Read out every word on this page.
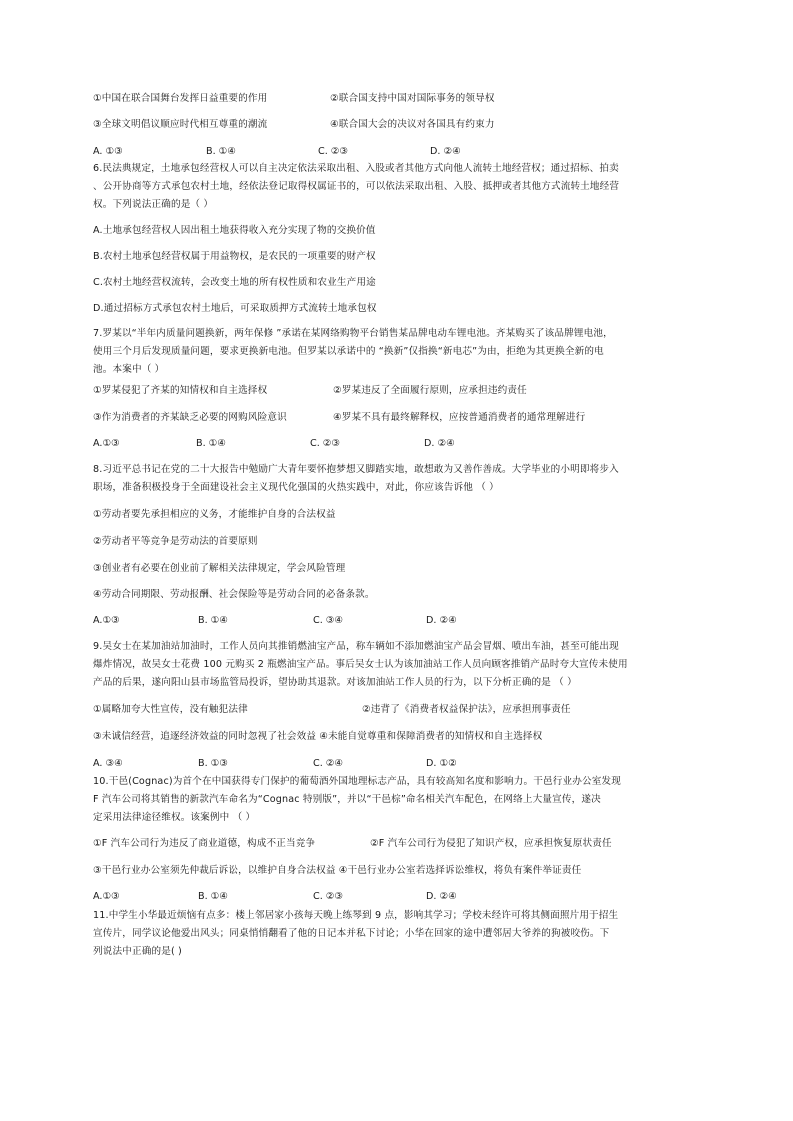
①中国在联合国舞台发挥日益重要的作用	②联合国支持中国对国际事务的领导权
③全球文明倡议顺应时代相互尊重的潮流	④联合国大会的决议对各国具有约束力
A. ①③	B. ①④	C. ②③	D. ②④
6.民法典规定，土地承包经营权人可以自主决定依法采取出租、入股或者其他方式向他人流转土地经营权；通过招标、拍卖
、公开协商等方式承包农村土地，经依法登记取得权属证书的，可以依法采取出租、入股、抵押或者其他方式流转土地经营
权。下列说法正确的是（ ）
A.土地承包经营权人因出租土地获得收入充分实现了物的交换价值
B.农村土地承包经营权属于用益物权，是农民的一项重要的财产权
C.农村土地经营权流转，会改变土地的所有权性质和农业生产用途
D.通过招标方式承包农村土地后，可采取质押方式流转土地承包权
7.罗某以“半年内质量问题换新，两年保修 ”承诺在某网络购物平台销售某品牌电动车锂电池。齐某购买了该品牌锂电池，
使用三个月后发现质量问题，要求更换新电池。但罗某以承诺中的 “换新”仅指换“新电芯”为由，拒绝为其更换全新的电
池。本案中（ ）
①罗某侵犯了齐某的知情权和自主选择权	②罗某违反了全面履行原则，应承担违约责任
③作为消费者的齐某缺乏必要的网购风险意识	④罗某不具有最终解释权，应按普通消费者的通常理解进行
A.①③	B. ①④	C. ②③	D. ②④
8.习近平总书记在党的二十大报告中勉励广大青年要怀抱梦想又脚踏实地，敢想敢为又善作善成。大学毕业的小明即将步入
职场，准备积极投身于全面建设社会主义现代化强国的火热实践中，对此，你应该告诉他 （ ）
①劳动者要先承担相应的义务，才能维护自身的合法权益
②劳动者平等竞争是劳动法的首要原则
③创业者有必要在创业前了解相关法律规定，学会风险管理
④劳动合同期限、劳动报酬、社会保险等是劳动合同的必备条款。
A.①③	B. ①④	C. ③④	D. ②④
9.吴女士在某加油站加油时，工作人员向其推销燃油宝产品，称车辆如不添加燃油宝产品会冒烟、喷出车油，甚至可能出现
爆炸情况，故吴女士花费 100 元购买 2 瓶燃油宝产品。事后吴女士认为该加油站工作人员向顾客推销产品时夸大宣传未使用
产品的后果，遂向阳山县市场监管局投诉，望协助其退款。对该加油站工作人员的行为，以下分析正确的是 （ ）
①属略加夸大性宣传，没有触犯法律	②违背了《消费者权益保护法》，应承担刑事责任
③未诚信经营，追逐经济效益的同时忽视了社会效益 ④未能自觉尊重和保障消费者的知情权和自主选择权
A. ③④	B. ①③	C. ②④	D. ①②
10.干邑(Cognac)为首个在中国获得专门保护的葡萄酒外国地理标志产品，具有较高知名度和影响力。干邑行业办公室发现
F 汽车公司将其销售的新款汽车命名为“Cognac 特别版”，并以“干邑棕”命名相关汽车配色，在网络上大量宣传，遂决
定采用法律途径维权。该案例中 （ ）
①F 汽车公司行为违反了商业道德，构成不正当竞争	②F 汽车公司行为侵犯了知识产权，应承担恢复原状责任
③干邑行业办公室须先仲裁后诉讼，以维护自身合法权益 ④干邑行业办公室若选择诉讼维权，将负有案件举证责任
A.①③	B. ①④	C. ②③	D. ②④
11.中学生小华最近烦恼有点多：楼上邻居家小孩每天晚上练琴到 9 点，影响其学习；学校未经许可将其侧面照片用于招生
宣传片，同学议论他爱出风头；同桌悄悄翻看了他的日记本并私下讨论；小华在回家的途中遭邻居大爷养的狗被咬伤。下
列说法中正确的是( )
